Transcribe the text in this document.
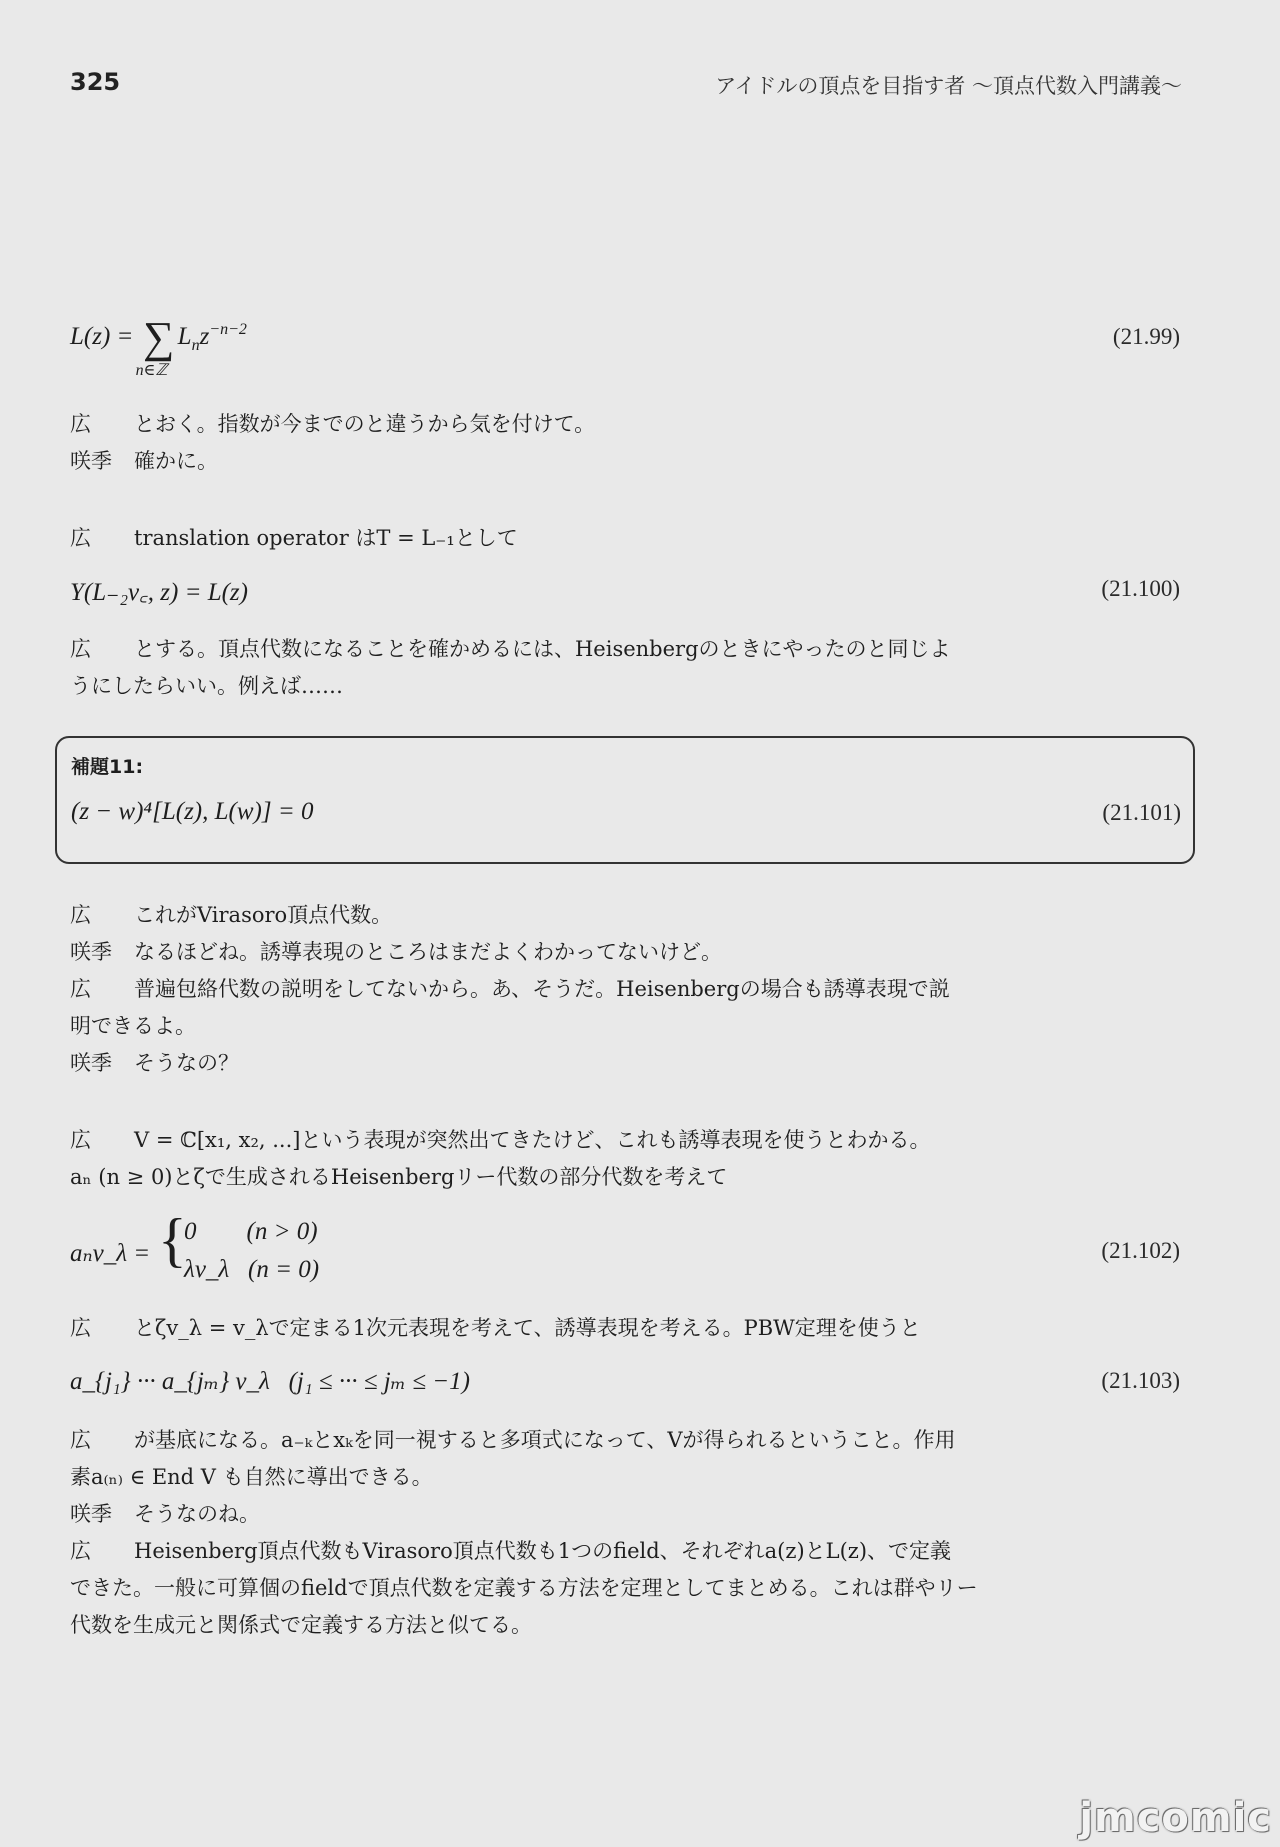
325	アイドルの頂点を目指す者 〜頂点代数入門講義〜
L(z) = ∑
n∈ℤ
$L_nz^{-n-2}$	(21.99)
広 とおく。指数が今までのと違うから気を付けて。
咲季 確かに。
広 translation operator はT = L₋₁として
Y(L₋₂v꜀, z) = L(z)	(21.100)
広 とする。頂点代数になることを確かめるには、Heisenbergのときにやったのと同じよ
うにしたらいい。例えば……
補題11:
(z − w)⁴[L(z), L(w)] = 0	(21.101)
広 これがVirasoro頂点代数。
咲季 なるほどね。誘導表現のところはまだよくわかってないけど。
広 普遍包絡代数の説明をしてないから。あ、そうだ。Heisenbergの場合も誘導表現で説
明できるよ。
咲季 そうなの？
広 V = ℂ[x₁, x₂, ...]という表現が突然出てきたけど、これも誘導表現を使うとわかる。
aₙ (n ≥ 0)とζで生成されるHeisenbergリー代数の部分代数を考えて
aₙv_λ = {
0        (n > 0)
λv_λ   (n = 0)
(21.102)
広 とζv_λ = v_λで定まる1次元表現を考えて、誘導表現を考える。PBW定理を使うと
a_{j₁} ··· a_{jₘ} v_λ   (j₁ ≤ ··· ≤ jₘ ≤ −1)	(21.103)
広 が基底になる。a₋ₖとxₖを同一視すると多項式になって、Vが得られるということ。作用
素a₍ₙ₎ ∈ End V も自然に導出できる。
咲季 そうなのね。
広 Heisenberg頂点代数もVirasoro頂点代数も1つのfield、それぞれa(z)とL(z)、で定義
できた。一般に可算個のfieldで頂点代数を定義する方法を定理としてまとめる。これは群やリー
代数を生成元と関係式で定義する方法と似てる。
jmcomic
